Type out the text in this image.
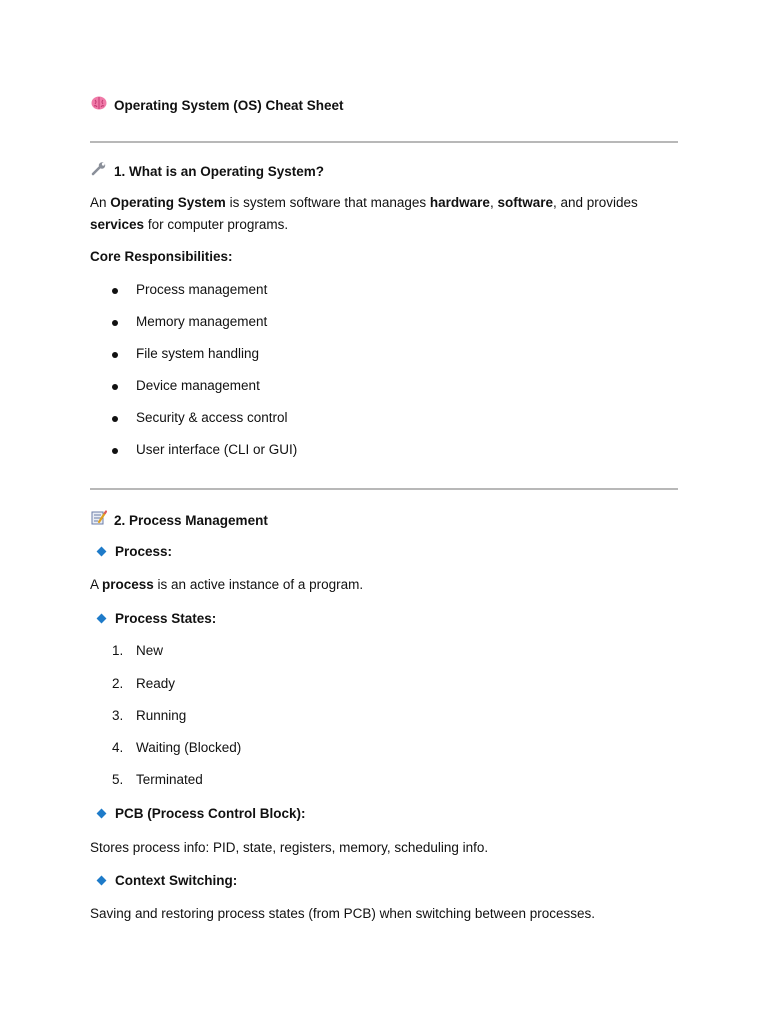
Operating System (OS) Cheat Sheet
1. What is an Operating System?
An Operating System is system software that manages hardware, software, and provides
services for computer programs.
Core Responsibilities:
Process management
Memory management
File system handling
Device management
Security & access control
User interface (CLI or GUI)
2. Process Management
Process:
A process is an active instance of a program.
Process States:
1. New
2. Ready
3. Running
4. Waiting (Blocked)
5. Terminated
PCB (Process Control Block):
Stores process info: PID, state, registers, memory, scheduling info.
Context Switching:
Saving and restoring process states (from PCB) when switching between processes.
